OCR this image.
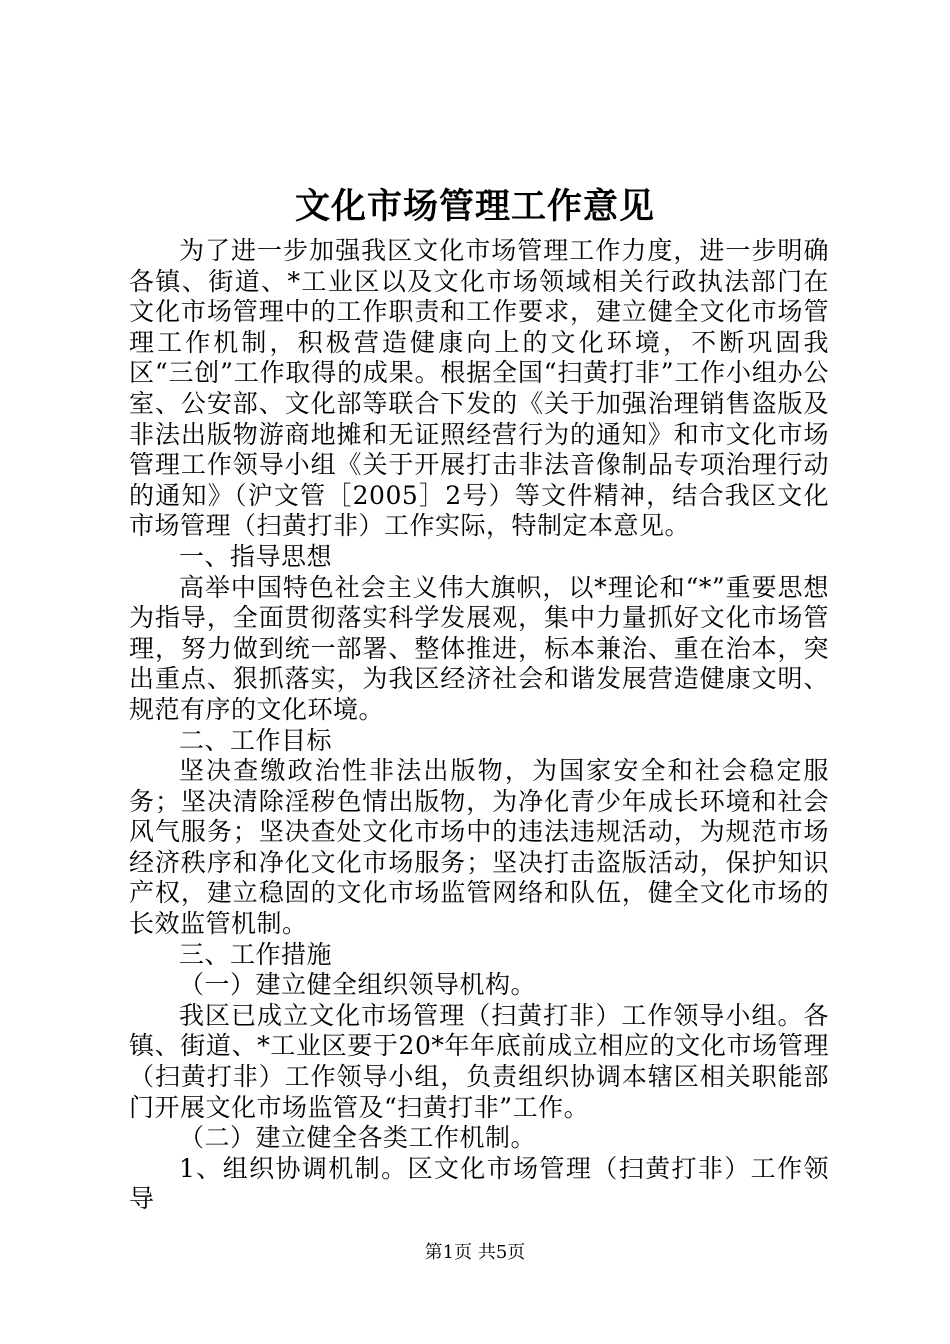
文化市场管理工作意见

为了进一步加强我区文化市场管理工作力度，进一步明确各镇、街道、*工业区以及文化市场领域相关行政执法部门在文化市场管理中的工作职责和工作要求，建立健全文化市场管理工作机制，积极营造健康向上的文化环境，不断巩固我区“三创”工作取得的成果。根据全国“扫黄打非”工作小组办公室、公安部、文化部等联合下发的《关于加强治理销售盗版及非法出版物游商地摊和无证照经营行为的通知》和市文化市场管理工作领导小组《关于开展打击非法音像制品专项治理行动的通知》（沪文管［2005］2号）等文件精神，结合我区文化市场管理（扫黄打非）工作实际，特制定本意见。

一、指导思想

高举中国特色社会主义伟大旗帜，以*理论和“*”重要思想为指导，全面贯彻落实科学发展观，集中力量抓好文化市场管理，努力做到统一部署、整体推进，标本兼治、重在治本，突出重点、狠抓落实，为我区经济社会和谐发展营造健康文明、规范有序的文化环境。

二、工作目标

坚决查缴政治性非法出版物，为国家安全和社会稳定服务；坚决清除淫秽色情出版物，为净化青少年成长环境和社会风气服务；坚决查处文化市场中的违法违规活动，为规范市场经济秩序和净化文化市场服务；坚决打击盗版活动，保护知识产权，建立稳固的文化市场监管网络和队伍，健全文化市场的长效监管机制。

三、工作措施

（一）建立健全组织领导机构。

我区已成立文化市场管理（扫黄打非）工作领导小组。各镇、街道、*工业区要于20*年年底前成立相应的文化市场管理（扫黄打非）工作领导小组，负责组织协调本辖区相关职能部门开展文化市场监管及“扫黄打非”工作。

（二）建立健全各类工作机制。

1、组织协调机制。区文化市场管理（扫黄打非）工作领导

第1页 共5页
